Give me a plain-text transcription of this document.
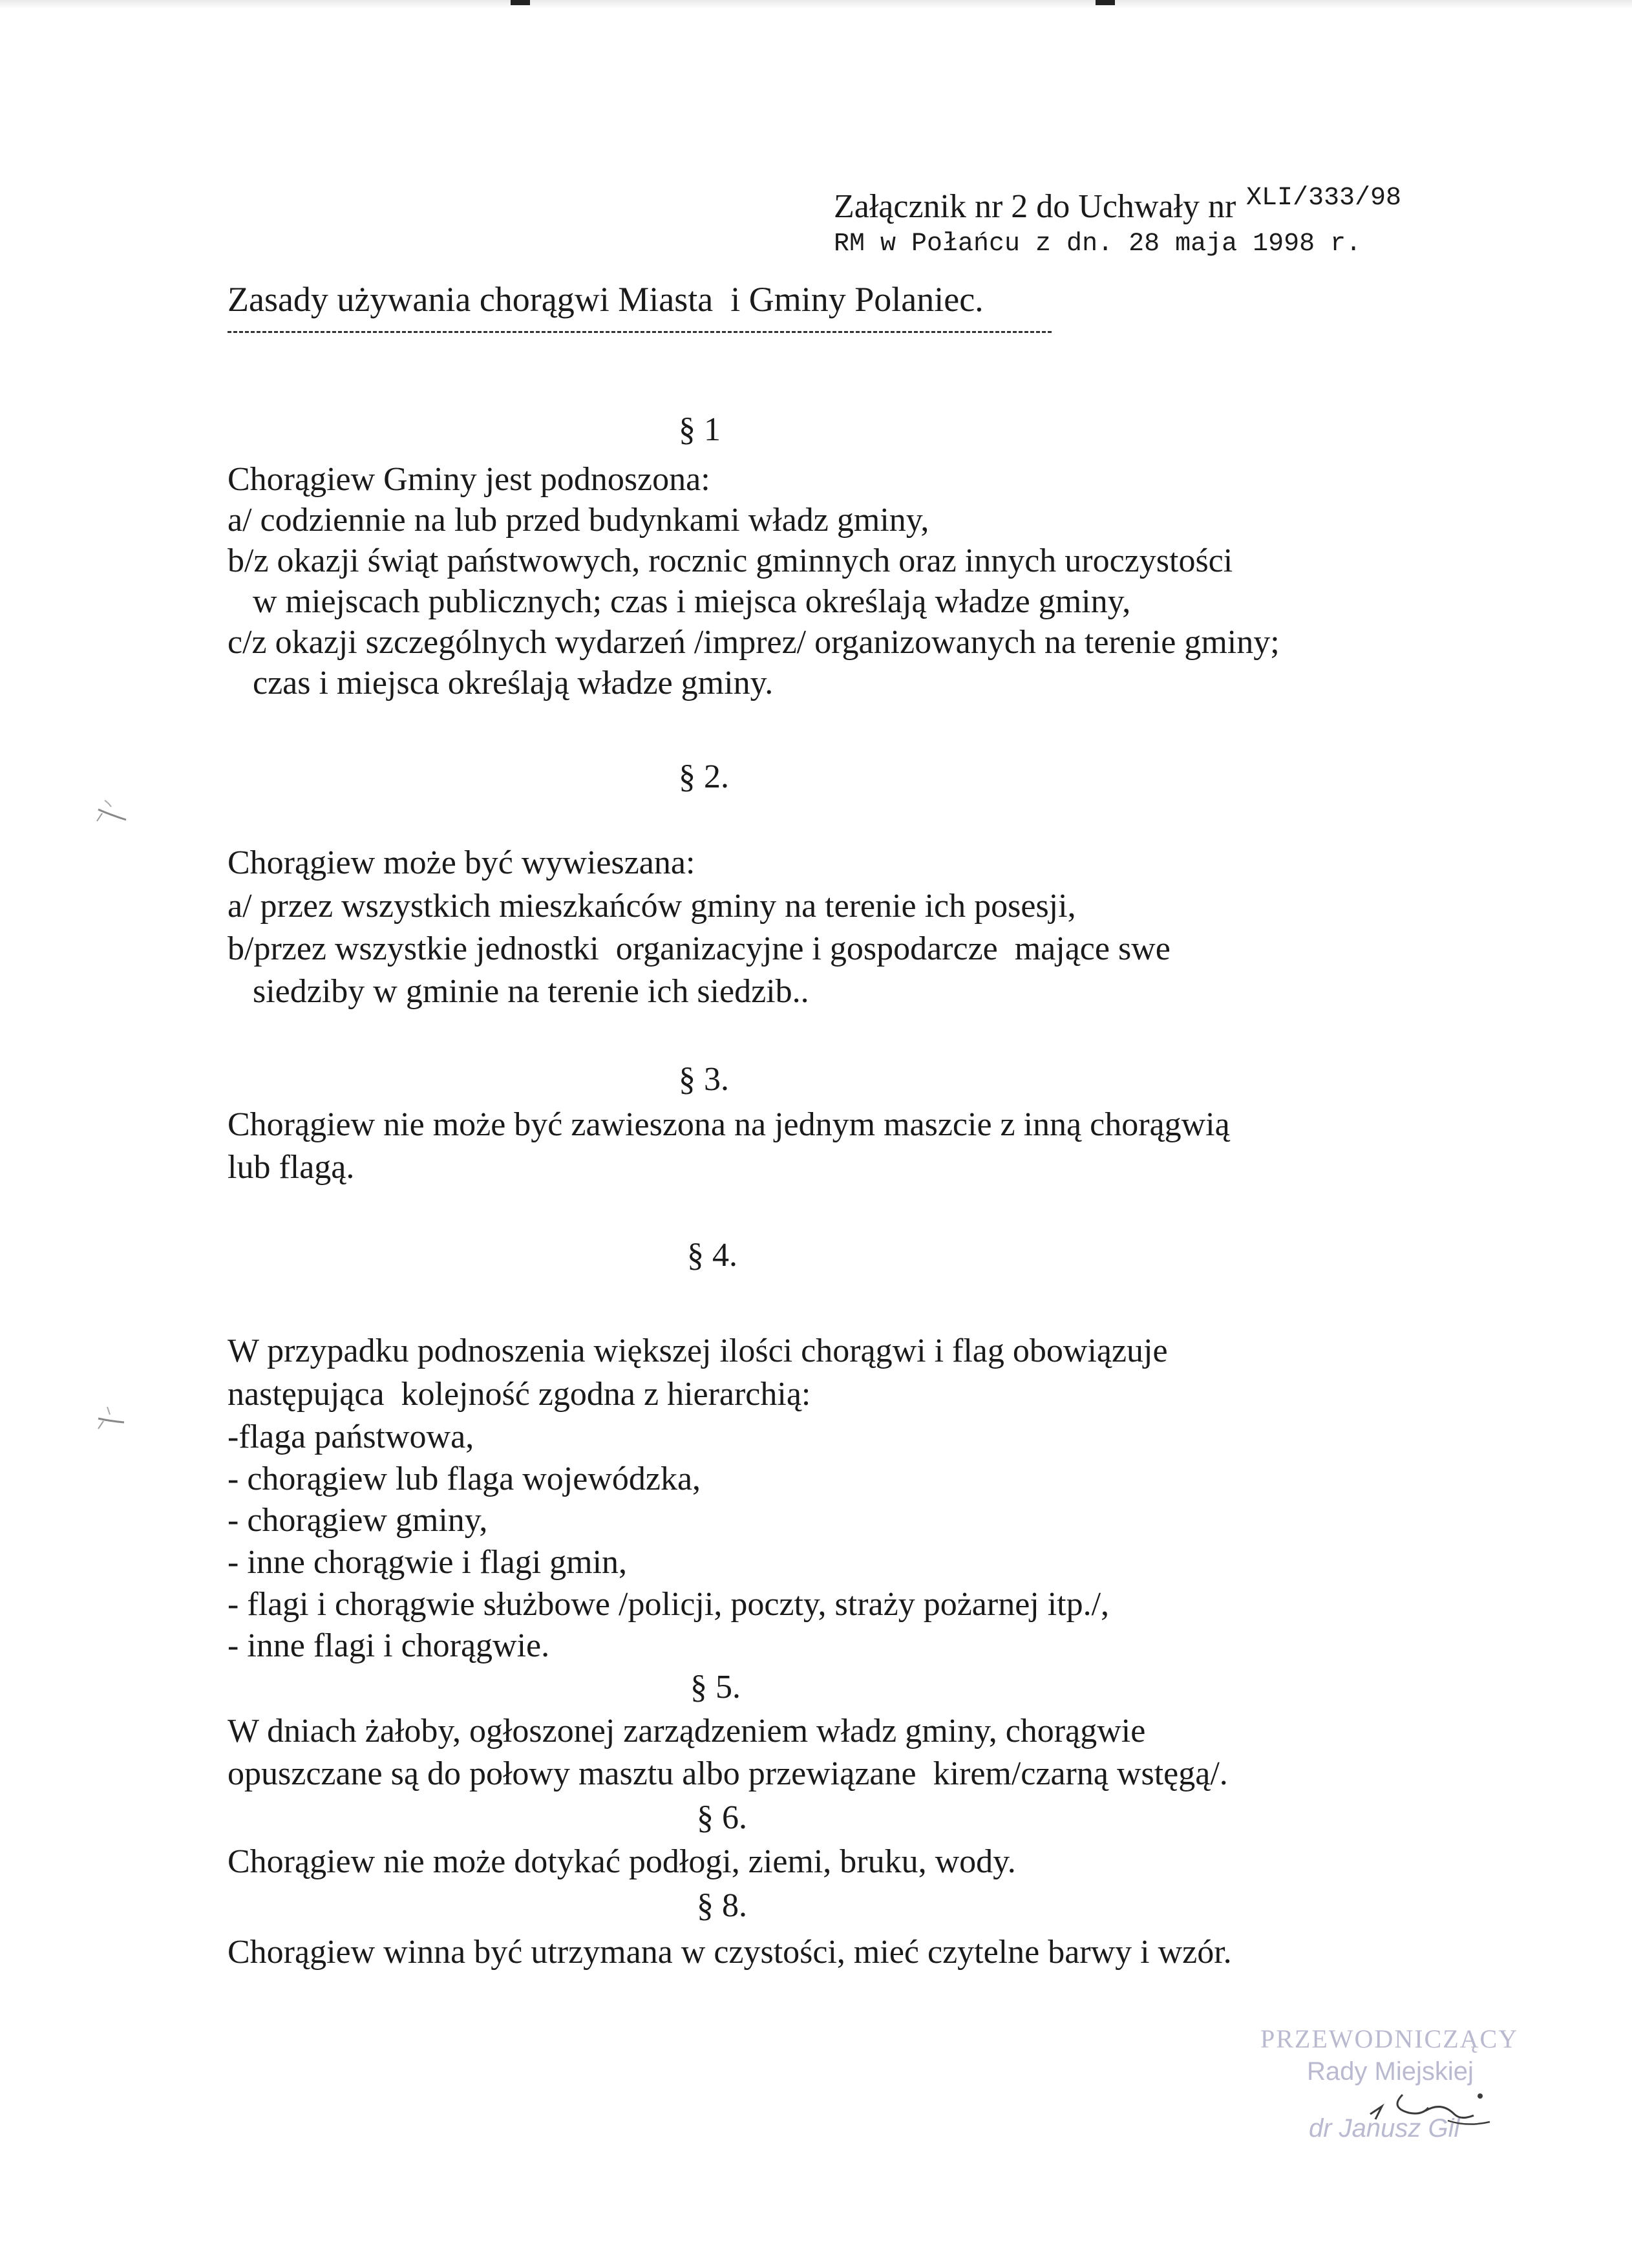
Załącznik nr 2 do Uchwały nr XLI/333/98
RM w Połańcu z dn. 28 maja 1998 r.
Zasady używania chorągwi Miasta  i Gminy Polaniec.
§ 1
Chorągiew Gminy jest podnoszona:
a/ codziennie na lub przed budynkami władz gminy,
b/z okazji świąt państwowych, rocznic gminnych oraz innych uroczystości
w miejscach publicznych; czas i miejsca określają władze gminy,
c/z okazji szczególnych wydarzeń /imprez/ organizowanych na terenie gminy;
czas i miejsca określają władze gminy.
§ 2.
Chorągiew może być wywieszana:
a/ przez wszystkich mieszkańców gminy na terenie ich posesji,
b/przez wszystkie jednostki  organizacyjne i gospodarcze  mające swe
siedziby w gminie na terenie ich siedzib..
§ 3.
Chorągiew nie może być zawieszona na jednym maszcie z inną chorągwią
lub flagą.
§ 4.
W przypadku podnoszenia większej ilości chorągwi i flag obowiązuje
następująca  kolejność zgodna z hierarchią:
-flaga państwowa,
- chorągiew lub flaga wojewódzka,
- chorągiew gminy,
- inne chorągwie i flagi gmin,
- flagi i chorągwie służbowe /policji, poczty, straży pożarnej itp./,
- inne flagi i chorągwie.
§ 5.
W dniach żałoby, ogłoszonej zarządzeniem władz gminy, chorągwie
opuszczane są do połowy masztu albo przewiązane  kirem/czarną wstęgą/.
§ 6.
Chorągiew nie może dotykać podłogi, ziemi, bruku, wody.
§ 8.
Chorągiew winna być utrzymana w czystości, mieć czytelne barwy i wzór.
PRZEWODNICZĄCY
Rady Miejskiej
dr Janusz Gil
